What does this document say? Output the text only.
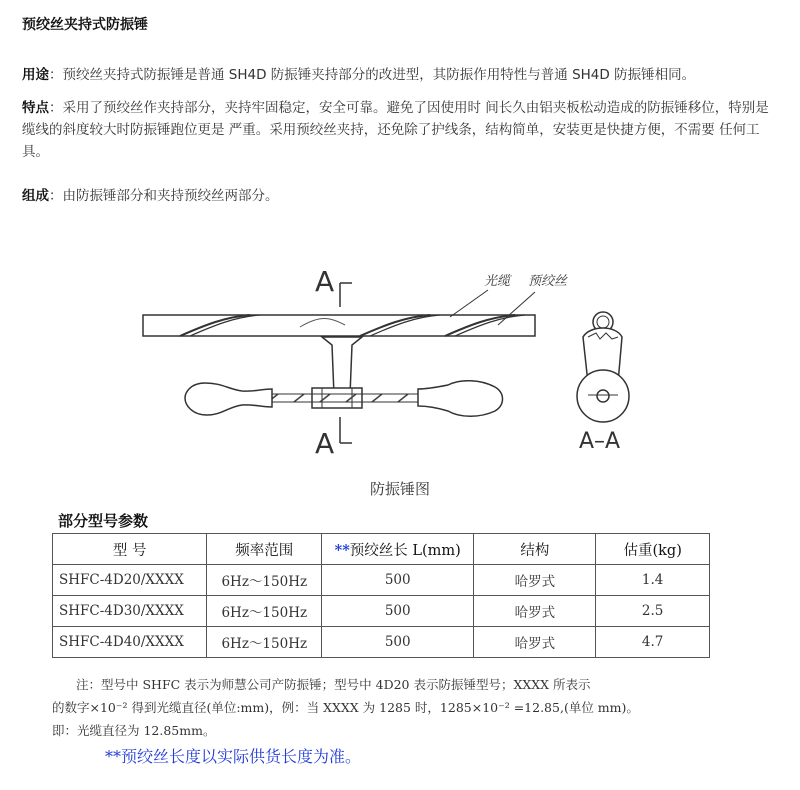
预绞丝夹持式防振锤
用途：预绞丝夹持式防振锤是普通 SH4D 防振锤夹持部分的改进型，其防振作用特性与普通 SH4D 防振锤相同。
特点：采用了预绞丝作夹持部分，夹持牢固稳定，安全可靠。避免了因使用时 间长久由铝夹板松动造成的防振锤移位，特别是缆线的斜度较大时防振锤跑位更是 严重。采用预绞丝夹持，还免除了护线条，结构简单，安装更是快捷方便，不需要 任何工具。
组成：由防振锤部分和夹持预绞丝两部分。
A
A
光缆 预绞丝
A–A
防振锤图
部分型号参数
型 号	频率范围	**预绞丝长 L(mm)	结构	估重(kg)
SHFC-4D20/XXXX	6Hz～150Hz	500	哈罗式	1.4
SHFC-4D30/XXXX	6Hz～150Hz	500	哈罗式	2.5
SHFC-4D40/XXXX	6Hz～150Hz	500	哈罗式	4.7
注：型号中 SHFC 表示为师慧公司产防振锤；型号中 4D20 表示防振锤型号；XXXX 所表示
的数字×10⁻² 得到光缆直径(单位:mm)，例：当 XXXX 为 1285 时，1285×10⁻² =12.85,(单位 mm)。
即：光缆直径为 12.85mm。
**预绞丝长度以实际供货长度为准。
